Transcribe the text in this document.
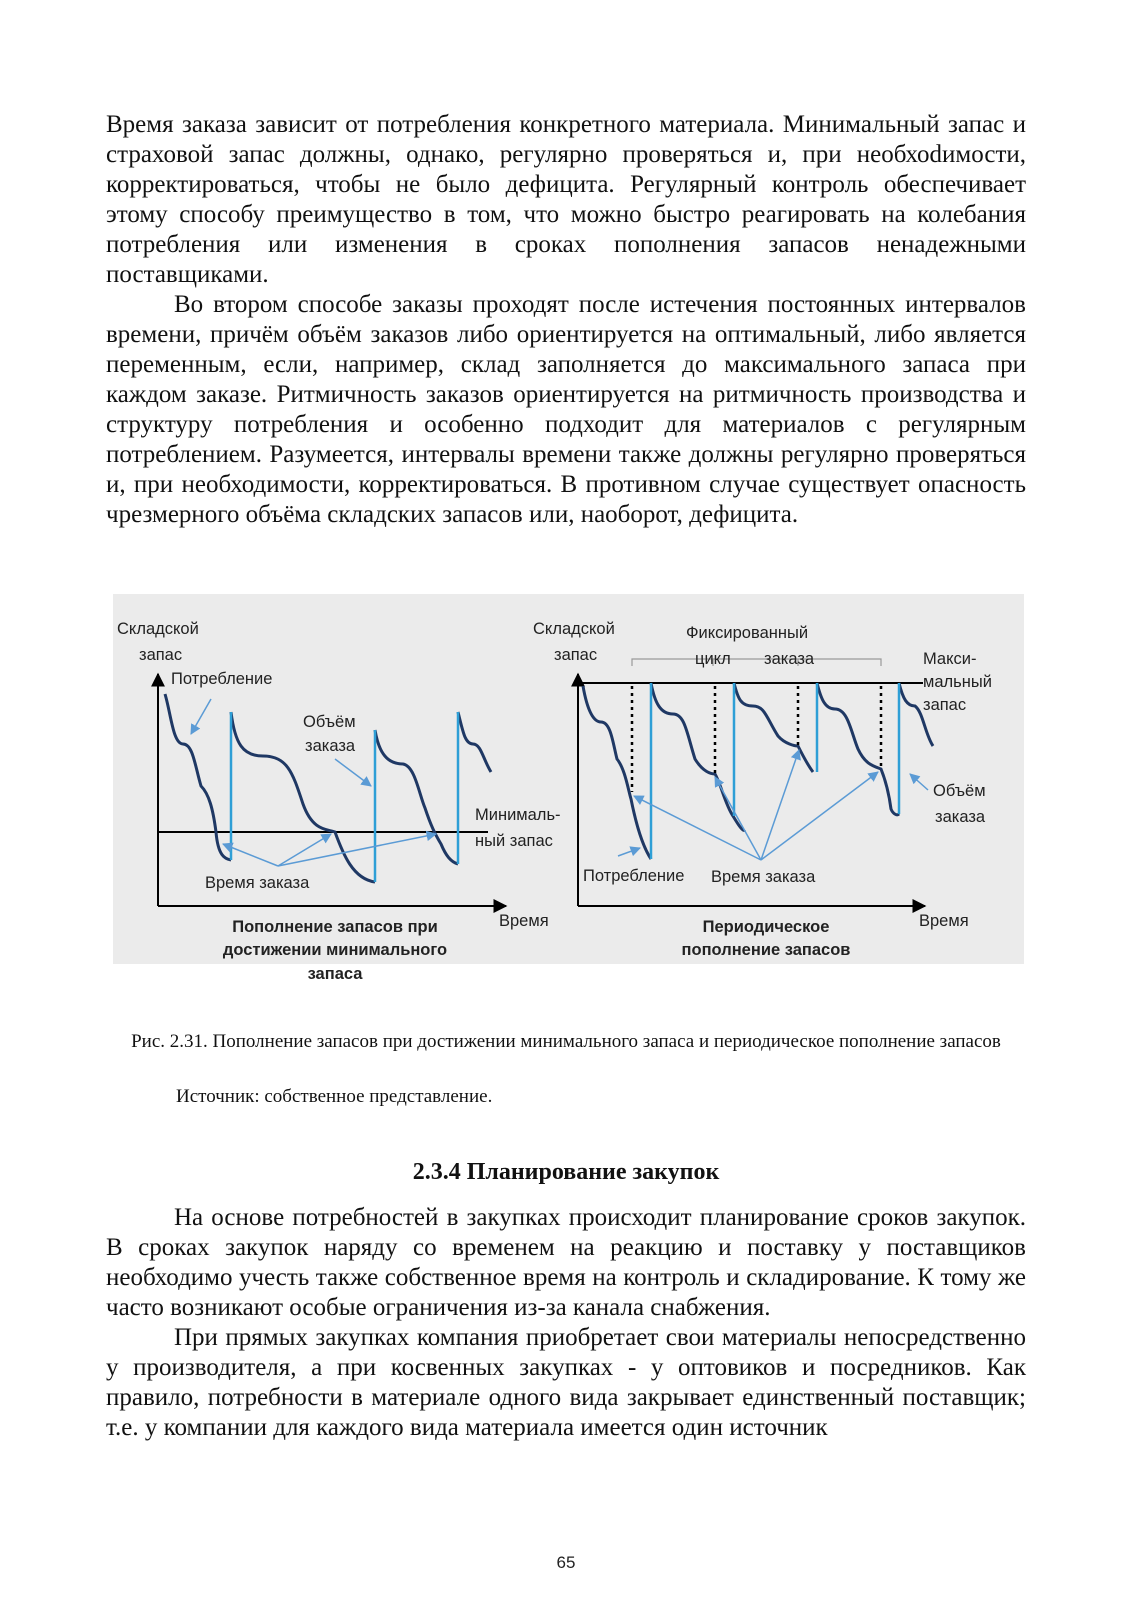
Время заказа зависит от потребления конкретного материала. Минимальный запас и страховой запас должны, однако, регулярно проверяться и, при необхоdимости, корректироваться, чтобы не было дефицита. Регулярный контроль обеспечивает этому способу преимущество в том, что можно быстро реагировать на колебания потребления или изменения в сроках пополнения запасов ненадежными поставщиками.

Во втором способе заказы проходят после истечения постоянных интервалов времени, причём объём заказов либо ориентируется на оптимальный, либо является переменным, если, например, склад заполняется до максимального запаса при каждом заказе. Ритмичность заказов ориентируется на ритмичность производства и структуру потребления и особенно подходит для материалов с регулярным потреблением. Разумеется, интервалы времени также должны регулярно проверяться и, при необходимости, корректироваться. В противном случае существует опасность чрезмерного объёма складских запасов или, наоборот, дефицита.

Складской
запас
Потребление
Объём
заказа
Минималь-
ный запас
Время заказа
Время
Пополнение запасов при
достижении минимального
запаса
Складской
запас
Фиксированный
цикл заказа	Макси-
мальный
запас
Объём
заказа
Потребление Время заказа
Время
Периодическое
пополнение запасов
Рис. 2.31. Пополнение запасов при достижении минимального запаса и периодическое пополнение запасов
Источник: собственное представление.
2.3.4 Планирование закупок

На основе потребностей в закупках происходит планирование сроков закупок. В сроках закупок наряду со временем на реакцию и поставку у поставщиков необходимо учесть также собственное время на контроль и складирование. К тому же часто возникают особые ограничения из-за канала снабжения.

При прямых закупках компания приобретает свои материалы непосредственно у производителя, а при косвенных закупках - у оптовиков и посредников. Как правило, потребности в материале одного вида закрывает единственный поставщик; т.е. у компании для каждого вида материала имеется один источник

65
